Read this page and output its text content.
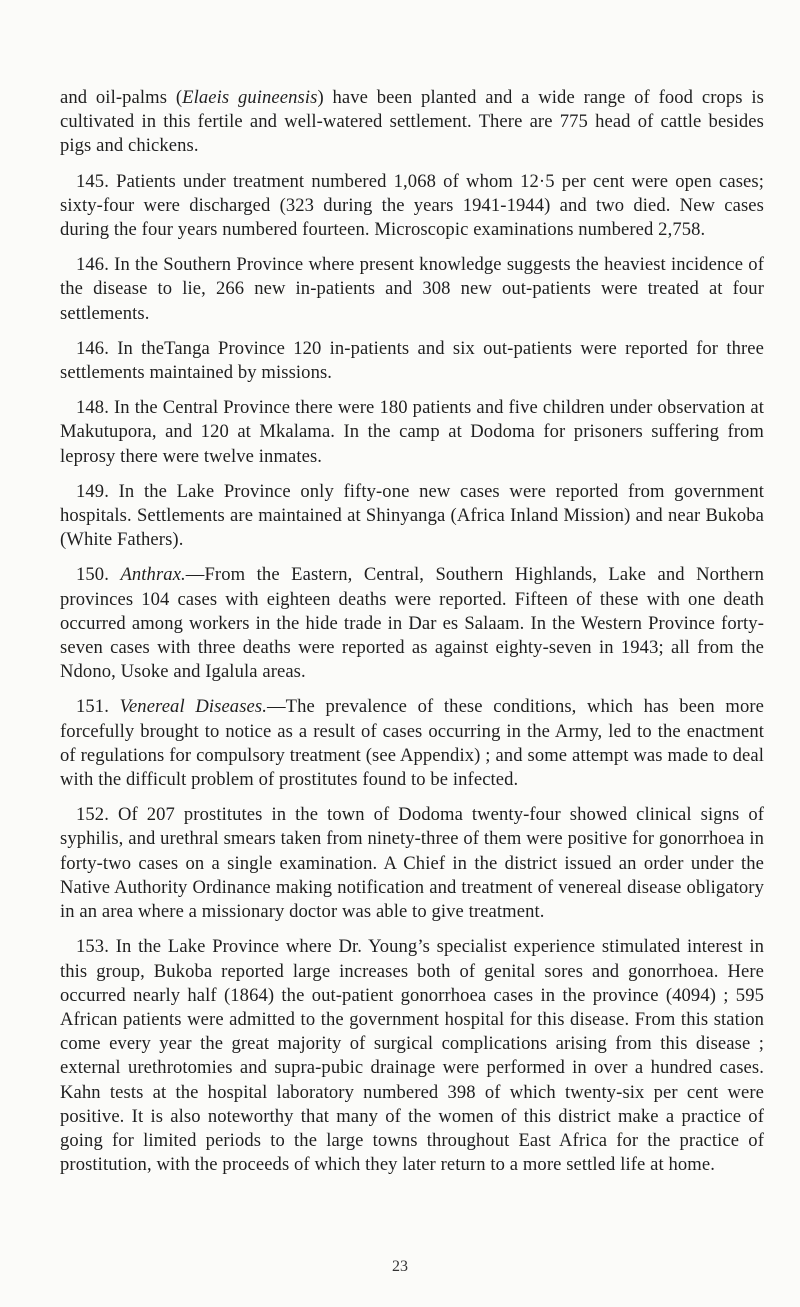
and oil-palms (Elaeis guineensis) have been planted and a wide range of food crops is cultivated in this fertile and well-watered settlement. There are 775 head of cattle besides pigs and chickens.

145. Patients under treatment numbered 1,068 of whom 12·5 per cent were open cases; sixty-four were discharged (323 during the years 1941-1944) and two died. New cases during the four years numbered fourteen. Microscopic examinations numbered 2,758.

146. In the Southern Province where present knowledge suggests the heaviest incidence of the disease to lie, 266 new in-patients and 308 new out-patients were treated at four settlements.

146. In theTanga Province 120 in-patients and six out-patients were reported for three settlements maintained by missions.

148. In the Central Province there were 180 patients and five children under observation at Makutupora, and 120 at Mkalama. In the camp at Dodoma for prisoners suffering from leprosy there were twelve inmates.

149. In the Lake Province only fifty-one new cases were reported from government hospitals. Settlements are maintained at Shinyanga (Africa Inland Mission) and near Bukoba (White Fathers).

150. Anthrax.—From the Eastern, Central, Southern Highlands, Lake and Northern provinces 104 cases with eighteen deaths were reported. Fifteen of these with one death occurred among workers in the hide trade in Dar es Salaam. In the Western Province forty-seven cases with three deaths were reported as against eighty-seven in 1943; all from the Ndono, Usoke and Igalula areas.

151. Venereal Diseases.—The prevalence of these conditions, which has been more forcefully brought to notice as a result of cases occurring in the Army, led to the enactment of regulations for compulsory treatment (see Appendix) ; and some attempt was made to deal with the difficult problem of prostitutes found to be infected.

152. Of 207 prostitutes in the town of Dodoma twenty-four showed clinical signs of syphilis, and urethral smears taken from ninety-three of them were positive for gonorrhoea in forty-two cases on a single examination. A Chief in the district issued an order under the Native Authority Ordinance making notification and treatment of venereal disease obligatory in an area where a missionary doctor was able to give treatment.

153. In the Lake Province where Dr. Young’s specialist experience stimulated interest in this group, Bukoba reported large increases both of genital sores and gonorrhoea. Here occurred nearly half (1864) the out-patient gonorrhoea cases in the province (4094) ; 595 African patients were admitted to the government hospital for this disease. From this station come every year the great majority of surgical complications arising from this disease ; external urethrotomies and supra-pubic drainage were performed in over a hundred cases. Kahn tests at the hospital laboratory numbered 398 of which twenty-six per cent were positive. It is also noteworthy that many of the women of this district make a practice of going for limited periods to the large towns throughout East Africa for the practice of prostitution, with the proceeds of which they later return to a more settled life at home.

23
